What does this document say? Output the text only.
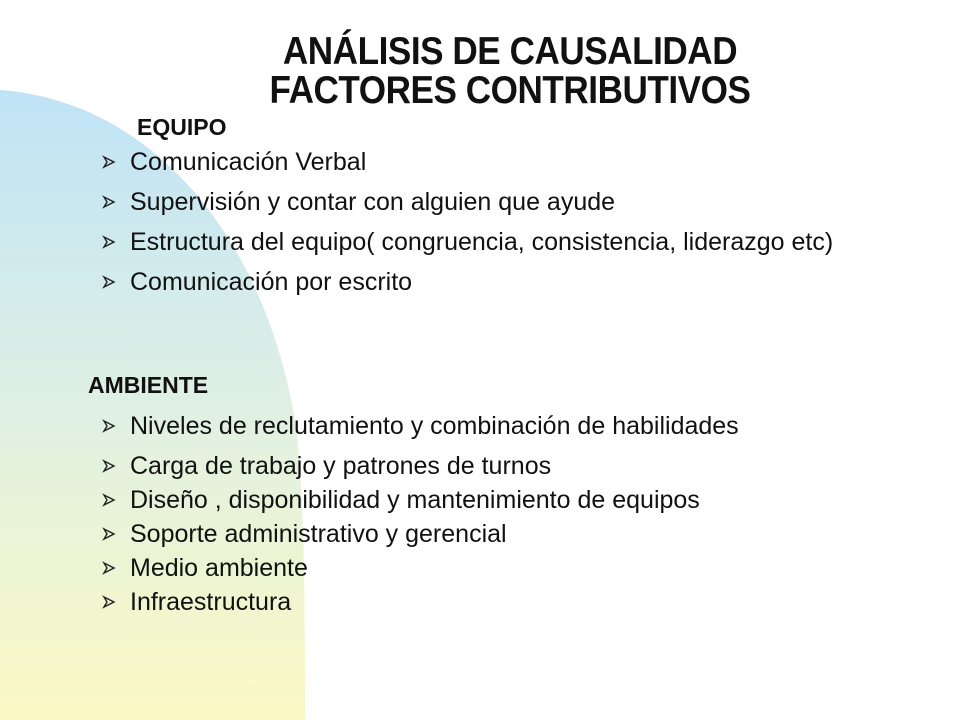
ANÁLISIS DE CAUSALIDAD
FACTORES CONTRIBUTIVOS
EQUIPO
Comunicación Verbal
Supervisión y contar con alguien que ayude
Estructura del equipo( congruencia, consistencia, liderazgo etc)
Comunicación por escrito
AMBIENTE
Niveles de reclutamiento y combinación de habilidades
Carga de trabajo y patrones de turnos
Diseño , disponibilidad y mantenimiento de equipos
Soporte administrativo y gerencial
Medio ambiente
Infraestructura
